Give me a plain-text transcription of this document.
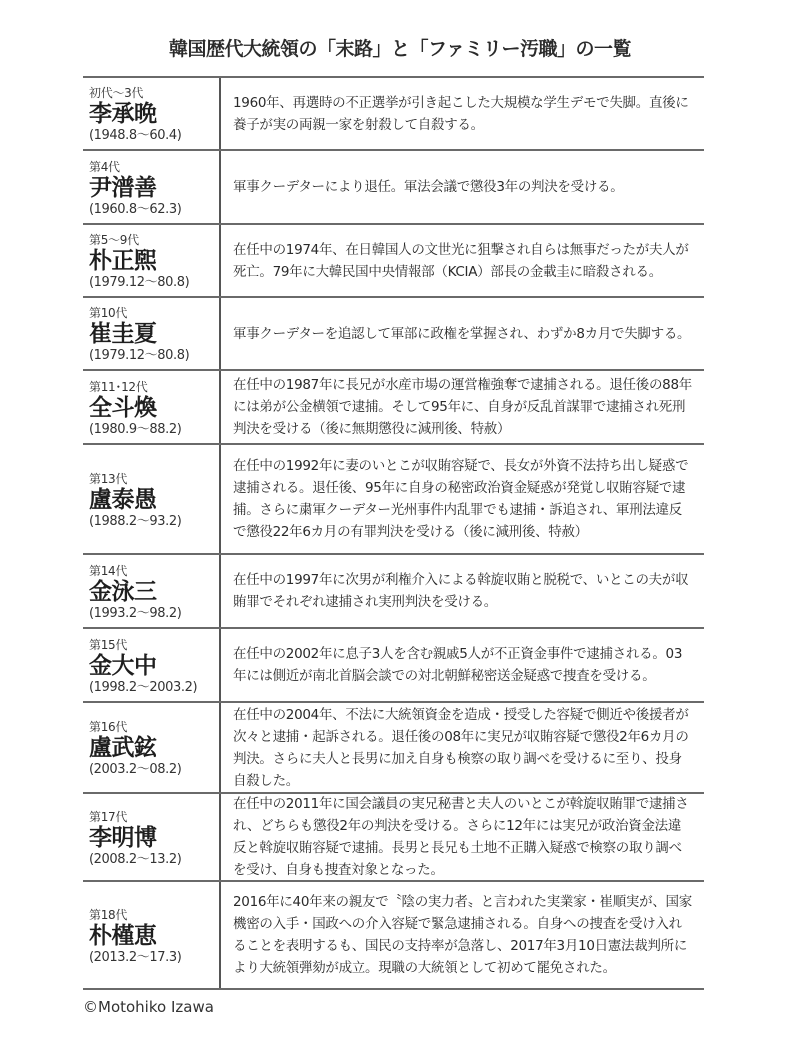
韓国歴代大統領の「末路」と「ファミリー汚職」の一覧
初代〜3代
李承晩
(1948.8〜60.4)
1960年、再選時の不正選挙が引き起こした大規模な学生デモで失脚。直後に養子が実の両親一家を射殺して自殺する。
第4代
尹潽善
(1960.8〜62.3)
軍事クーデターにより退任。軍法会議で懲役3年の判決を受ける。
第5〜9代
朴正煕
(1979.12〜80.8)
在任中の1974年、在日韓国人の文世光に狙撃され自らは無事だったが夫人が死亡。79年に大韓民国中央情報部（KCIA）部長の金載圭に暗殺される。
第10代
崔圭夏
(1979.12〜80.8)
軍事クーデターを追認して軍部に政権を掌握され、わずか8カ月で失脚する。
第11･12代
全斗煥
(1980.9〜88.2)
在任中の1987年に長兄が水産市場の運営権強奪で逮捕される。退任後の88年には弟が公金横領で逮捕。そして95年に、自身が反乱首謀罪で逮捕され死刑判決を受ける（後に無期懲役に減刑後、特赦）
第13代
盧泰愚
(1988.2〜93.2)
在任中の1992年に妻のいとこが収賄容疑で、長女が外資不法持ち出し疑惑で逮捕される。退任後、95年に自身の秘密政治資金疑惑が発覚し収賄容疑で逮捕。さらに粛軍クーデター光州事件内乱罪でも逮捕・訴追され、軍刑法違反で懲役22年6カ月の有罪判決を受ける（後に減刑後、特赦）
第14代
金泳三
(1993.2〜98.2)
在任中の1997年に次男が利権介入による斡旋収賄と脱税で、いとこの夫が収賄罪でそれぞれ逮捕され実刑判決を受ける。
第15代
金大中
(1998.2〜2003.2)
在任中の2002年に息子3人を含む親戚5人が不正資金事件で逮捕される。03年には側近が南北首脳会談での対北朝鮮秘密送金疑惑で捜査を受ける。
第16代
盧武鉉
(2003.2〜08.2)
在任中の2004年、不法に大統領資金を造成・授受した容疑で側近や後援者が次々と逮捕・起訴される。退任後の08年に実兄が収賄容疑で懲役2年6カ月の判決。さらに夫人と長男に加え自身も検察の取り調べを受けるに至り、投身自殺した。
第17代
李明博
(2008.2〜13.2)
在任中の2011年に国会議員の実兄秘書と夫人のいとこが斡旋収賄罪で逮捕され、どちらも懲役2年の判決を受ける。さらに12年には実兄が政治資金法違反と斡旋収賄容疑で逮捕。長男と長兄も土地不正購入疑惑で検察の取り調べを受け、自身も捜査対象となった。
第18代
朴槿恵
(2013.2〜17.3)
2016年に40年来の親友で〝陰の実力者〟と言われた実業家・崔順実が、国家機密の入手・国政への介入容疑で緊急逮捕される。自身への捜査を受け入れることを表明するも、国民の支持率が急落し、2017年3月10日憲法裁判所により大統領弾劾が成立。現職の大統領として初めて罷免された。
©Motohiko Izawa
